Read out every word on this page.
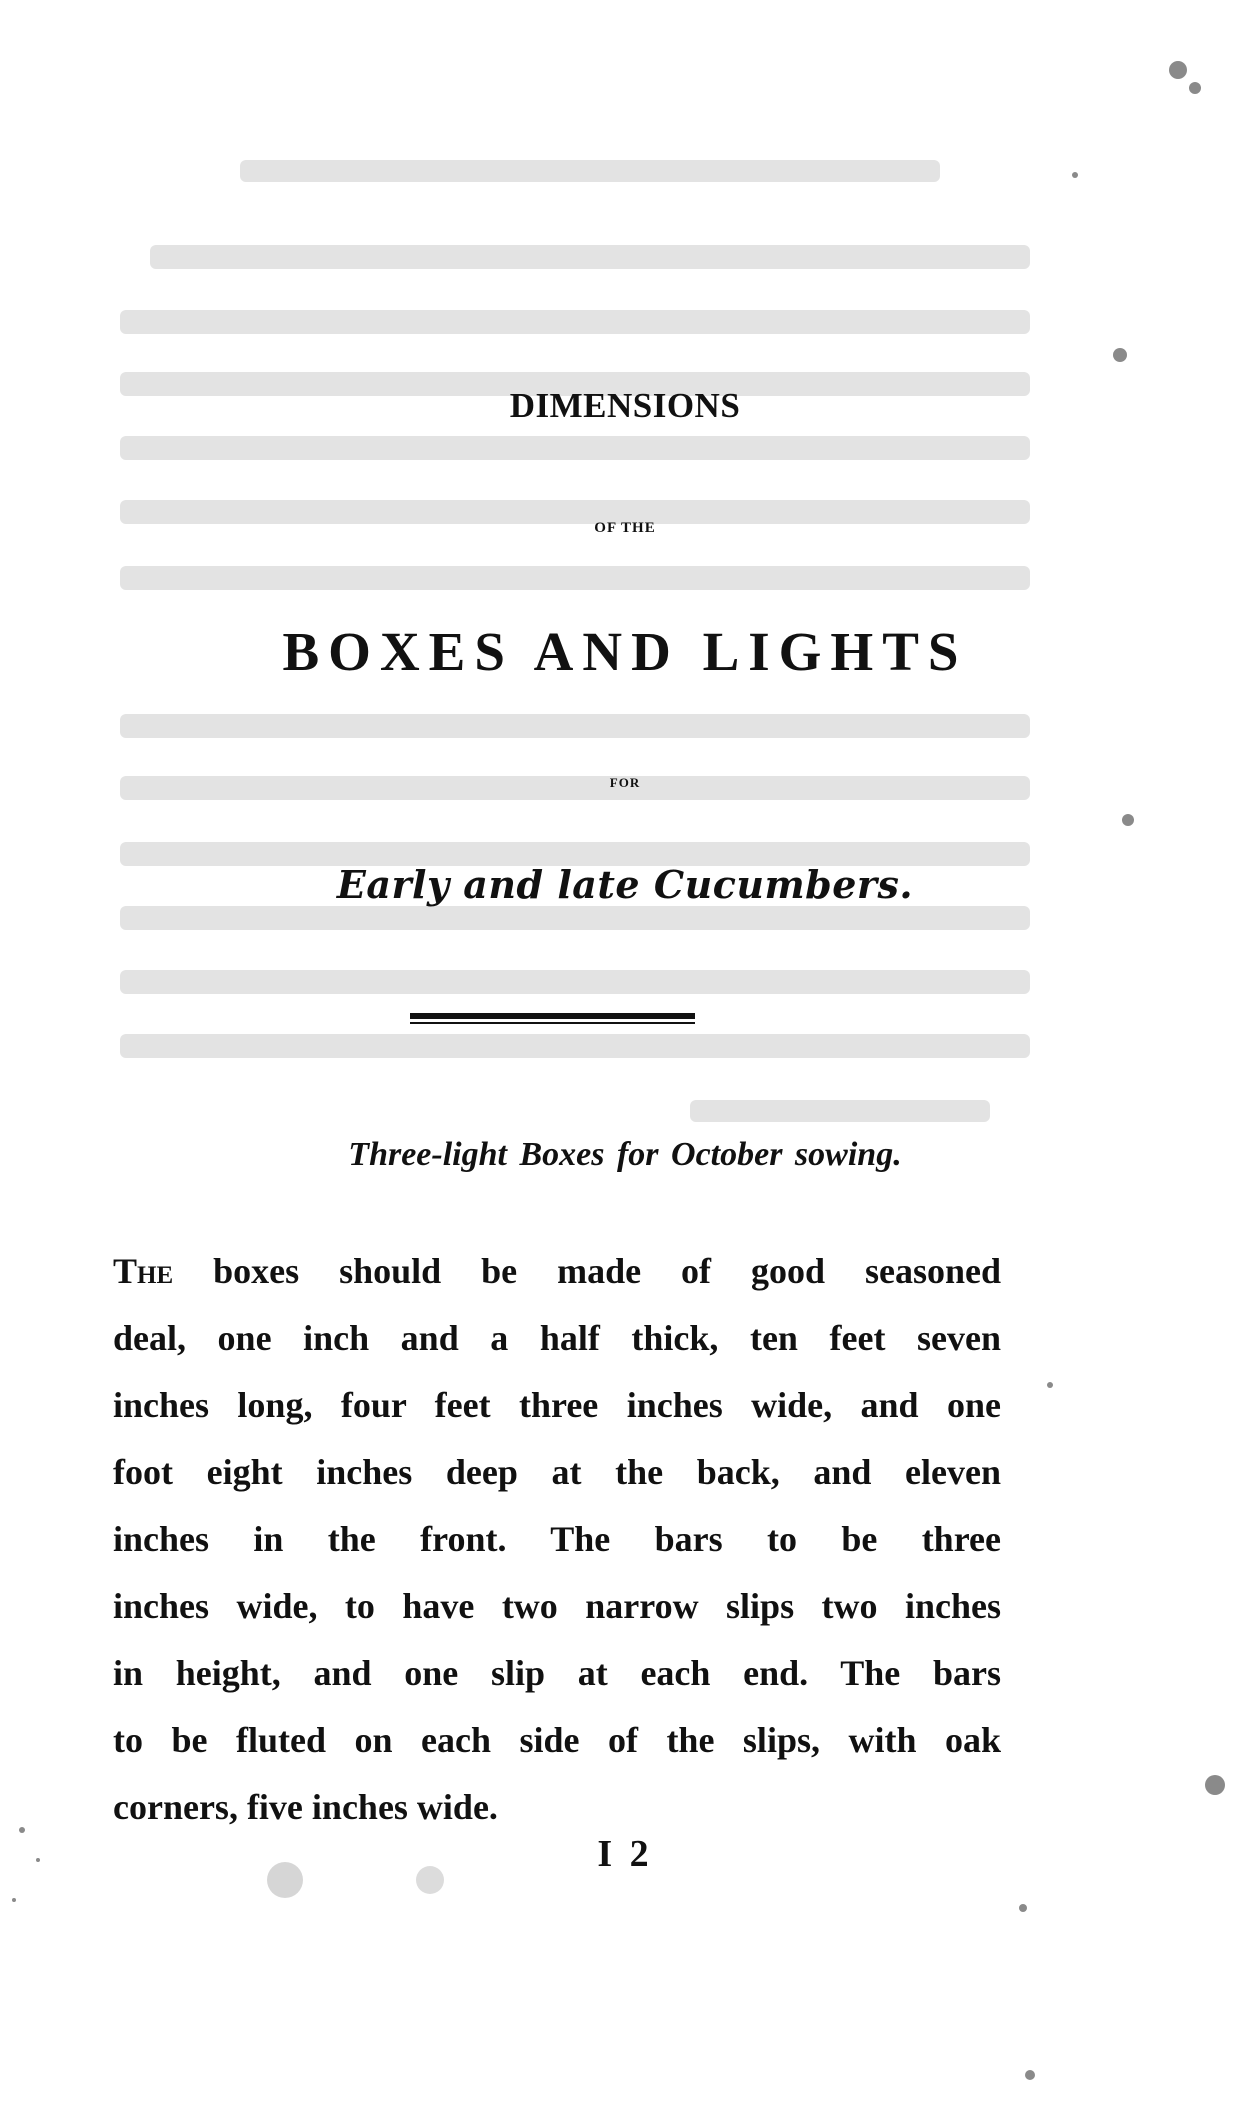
DIMENSIONS
OF THE
BOXES AND LIGHTS
FOR
Early and late Cucumbers.
Three-light Boxes for October sowing.
The boxes should be made of good seasoned
deal, one inch and a half thick, ten feet seven
inches long, four feet three inches wide, and one
foot eight inches deep at the back, and eleven
inches in the front. The bars to be three
inches wide, to have two narrow slips two inches
in height, and one slip at each end. The bars
to be fluted on each side of the slips, with oak
corners, five inches wide.
I 2
